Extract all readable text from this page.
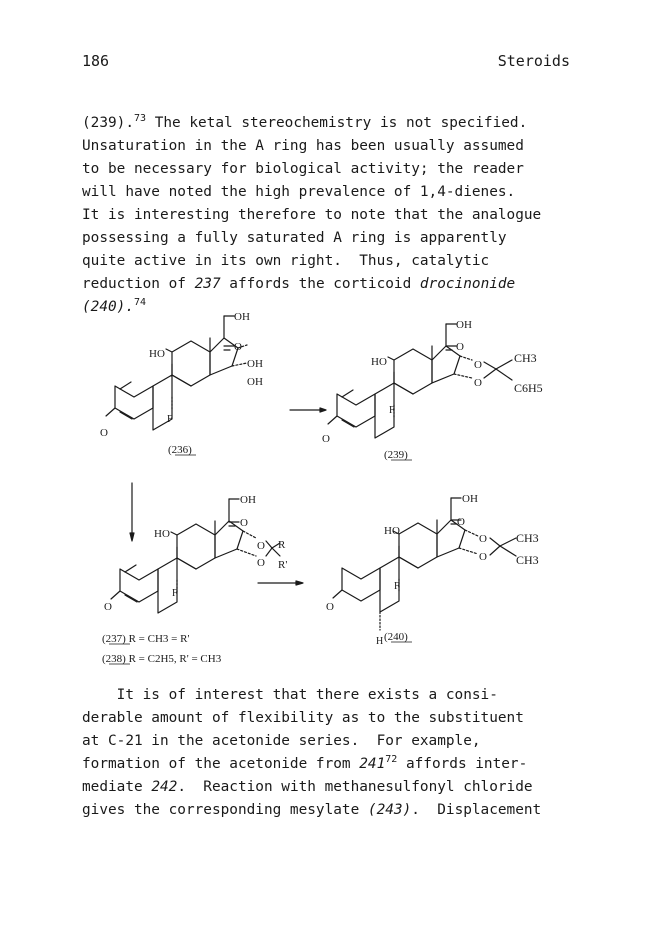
186	Steroids

(239).$^{73}$ The ketal stereochemistry is not specified.
Unsaturation in the A ring has been usually assumed
to be necessary for biological activity; the reader
will have noted the high prevalence of 1,4-dienes.
It is interesting therefore to note that the analogue
possessing a fully saturated A ring is apparently
quite active in its own right.  Thus, catalytic
reduction of 237 affords the corticoid drocinonide
(240).$^{74}$

OH
O
HO
OH
OH
F
O
(236)
OH
O
HO	O
O
CH3
C6H5
F
O
(239)
OH
O
HO
O
O
R
R'
F
O
(237) R = CH3 = R'
(238) R = C2H5, R' = CH3
OH
O
HO
O
O
CH3
CH3
F
O
H (240)

It is of interest that there exists a consi-
derable amount of flexibility as to the substituent
at C-21 in the acetonide series.  For example,
formation of the acetonide from $241^{72}$ affords inter-
mediate 242.  Reaction with methanesulfonyl chloride
gives the corresponding mesylate (243).  Displacement
